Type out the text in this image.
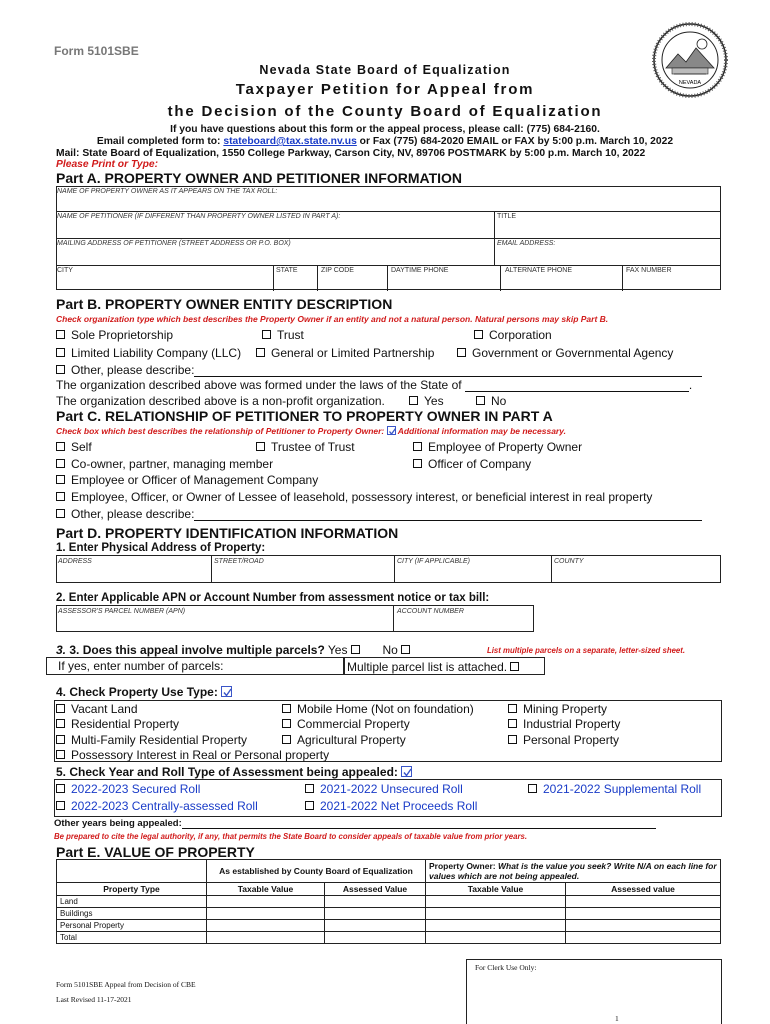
Form 5101SBE
NEVADA
Nevada State Board of Equalization
Taxpayer Petition for Appeal from
the Decision of the County Board of Equalization
If you have questions about this form or the appeal process, please call: (775) 684-2160.
Email completed form to: stateboard@tax.state.nv.us or Fax (775) 684-2020 EMAIL or FAX by 5:00 p.m. March 10, 2022
Mail: State Board of Equalization, 1550 College Parkway, Carson City, NV, 89706 POSTMARK by 5:00 p.m. March 10, 2022
Please Print or Type:
Part A. PROPERTY OWNER AND PETITIONER INFORMATION
NAME OF PROPERTY OWNER AS IT APPEARS ON THE TAX ROLL:
NAME OF PETITIONER (IF DIFFERENT THAN PROPERTY OWNER LISTED IN PART A):	TITLE
MAILING ADDRESS OF PETITIONER (STREET ADDRESS OR P.O. BOX)	EMAIL ADDRESS:
CITY	STATE	ZIP CODE	DAYTIME PHONE	ALTERNATE PHONE	FAX NUMBER
Part B. PROPERTY OWNER ENTITY DESCRIPTION
Check organization type which best describes the Property Owner if an entity and not a natural person. Natural persons may skip Part B.
Sole Proprietorship	Trust	Corporation
Limited Liability Company (LLC)	General or Limited Partnership	Government or Governmental Agency
Other, please describe:
The organization described above was formed under the laws of the State of	.
The organization described above is a non-profit organization.	Yes	No
Part C. RELATIONSHIP OF PETITIONER TO PROPERTY OWNER IN PART A
Check box which best describes the relationship of Petitioner to Property Owner: Additional information may be necessary.
Self	Trustee of Trust	Employee of Property Owner
Co-owner, partner, managing member	Officer of Company
Employee or Officer of Management Company
Employee, Officer, or Owner of Lessee of leasehold, possessory interest, or beneficial interest in real property
Other, please describe:
Part D. PROPERTY IDENTIFICATION INFORMATION
1. Enter Physical Address of Property:
ADDRESS	STREET/ROAD	CITY (IF APPLICABLE)	COUNTY
2. Enter Applicable APN or Account Number from assessment notice or tax bill:
ASSESSOR'S PARCEL NUMBER (APN)	ACCOUNT NUMBER
3. 3. Does this appeal involve multiple parcels? Yes	No	List multiple parcels on a separate, letter-sized sheet.
If yes, enter number of parcels:	Multiple parcel list is attached.
4. Check Property Use Type:
Vacant Land	Mobile Home (Not on foundation)	Mining Property
Residential Property	Commercial Property	Industrial Property
Multi-Family Residential Property	Agricultural Property	Personal Property
Possessory Interest in Real or Personal property
5. Check Year and Roll Type of Assessment being appealed:
2022-2023 Secured Roll	2021-2022 Unsecured Roll	2021-2022 Supplemental Roll
2022-2023 Centrally-assessed Roll	2021-2022 Net Proceeds Roll
Other years being appealed:
Be prepared to cite the legal authority, if any, that permits the State Board to consider appeals of taxable value from prior years.
Part E. VALUE OF PROPERTY
	As established by County Board of Equalization		Property Owner: What is the value you seek? Write N/A on each line for values which are not being appealed.	
Property Type	Taxable Value	Assessed Value	Taxable Value	Assessed value
Land				
Buildings				
Personal Property				
Total				
Form 5101SBE Appeal from Decision of CBE
Last Revised 11-17-2021
For Clerk Use Only:
1
